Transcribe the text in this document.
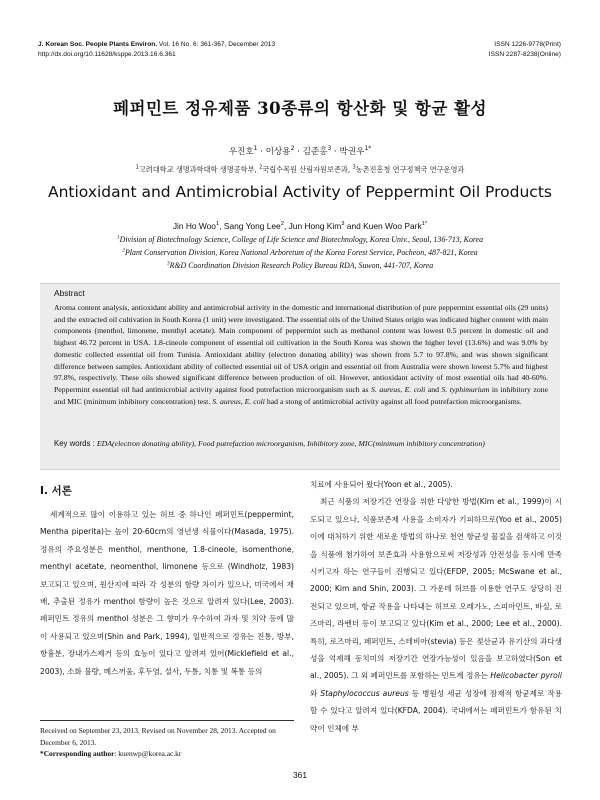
J. Korean Soc. People Plants Environ. Vol. 16 No. 6: 361-367, December 2013
http://dx.doi.org/10.11628/ksppe.2013.16.6.361
ISSN 1226-9778(Print)
ISSN 2287-8238(Online)
페퍼민트 정유제품 30종류의 항산화 및 항균 활성
우진호$^1$ · 이상용$^2$ · 김준홍$^3$ · 박권우$^{1*}$
$^1$고려대학교 생명과학대학 생명공학부, $^2$국립수목원 산림자원보존과, $^3$농촌진흥청 연구정책국 연구운영과
Antioxidant and Antimicrobial Activity of Peppermint Oil Products
Jin Ho Woo$^1$, Sang Yong Lee$^2$, Jun Hong Kim$^3$ and Kuen Woo Park$^{1*}$
$^1$Division of Biotechnology Science, College of Life Science and Biotechnology, Korea Univ., Seoul, 136-713, Korea
$^2$Plant Conservation Division, Korea National Arboretum of the Korea Forest Service, Pocheon, 487-821, Korea
$^3$R&D Coordination Division Research Policy Bureau RDA, Suwon, 441-707, Korea
Abstract
Aroma content analysis, antioxidant ability and antimicrobial activity in the domestic and international distribution of pure peppermint essential oils (29 units) and the extracted oil cultivation in South Korea (1 unit) were investigated. The essential oils of the United States origin was indicated higher content with main components (menthol, limonene, menthyl acetate). Main component of peppermint such as methanol content was lowest 0.5 percent in domestic oil and highest 46.72 percent in USA. 1.8-cineole component of essential oil cultivation in the South Korea was shown the higher level (13.6%) and was 9.0% by domestic collected essential oil from Tunisia. Antioxidant ability (electron donating ability) was shown from 5.7 to 97.8%, and was shown significant difference between samples. Antioxidant ability of collected essential oil of USA origin and essential oil from Australia were shown lowest 5.7% and highest 97.8%, respectively. These oils showed significant difference between production of oil. However, antioxidant activity of most essential oils had 40-60%. Peppermint essential oil had antimicrobial activity against food putrefaction microorganism such as S. aureus, E. coli and S. typhimurium in inhibitory zone and MIC (minimum inhibitory concentration) test. S. aureus, E. coli had a stong of antimicrobial activity against all food putrefaction microorganisms.
Key words : EDA(electron donating ability), Food putrefaction microorganism, Inhibitory zone, MIC(minimum inhibitory concentration)
Ⅰ. 서론

세계적으로 많이 이용하고 있는 허브 중 하나인 페퍼민트(peppermint, Mentha piperita)는 높이 20-60cm의 영년생 식물이다(Masada, 1975). 정유의 주요성분은 menthol, menthone, 1.8-cineole, isomenthone, menthyl acetate, neomenthol, limonene 등으로 (Windholz, 1983) 보고되고 있으며, 원산지에 따라 각 성분의 함량 차이가 있으나, 미국에서 재배, 추출된 정유가 menthol 함량이 높은 것으로 알려져 있다(Lee, 2003). 페퍼민트 정유의 menthol 성분은 그 향미가 우수하여 과자 및 치약 등에 많이 사용되고 있으며(Shin and Park, 1994), 일반적으로 정유는 진통, 방부, 항흉분, 장내가스제거 등의 효능이 있다고 알려져 있어(Micklefield et al., 2003), 소화 불량, 메스꺼움, 후두염, 설사, 두통, 치통 및 복통 등의

치료에 사용되어 왔다(Yoon et al., 2005).

최근 식품의 저장기간 연장을 위한 다양한 방법(Kim et al., 1999)이 시도되고 있으나, 식품보존제 사용을 소비자가 기피하므로(Yoo et al., 2005) 이에 대처하기 위한 새로운 방법의 하나로 천연 항균성 물질을 검색하고 이것을 식품에 첨가하여 보존효과 사용함으로써 저장성과 안전성을 동시에 만족시키고자 하는 연구들이 진행되고 있다(EFDP, 2005; McSwane et al., 2000; Kim and Shin, 2003). 그 가운데 허브를 이용한 연구도 상당히 진전되고 있으며, 항균 작용을 나타내는 허브로 오레가노, 스피아민트, 바실, 로즈마리, 라벤더 등이 보고되고 있다(Kim et al., 2000; Lee et al., 2000). 특히, 로즈마리, 페퍼민트, 스테비아(stevia) 등은 젖산균과 유기산의 과다생성을 억제해 동치미의 저장기간 연장가능성이 있음을 보고하였다(Son et al., 2005). 그 외 페퍼민트를 포함하는 민트계 정유는 Helicobacter pyroli와 Staphylococcus aureus 등 병원성 세균 성장에 잠재적 항균제로 작용할 수 있다고 알려져 있다(KFDA, 2004). 국내에서는 페퍼민트가 함유된 치약이 인체에 부

Received on September 23, 2013. Revised on November 28, 2013. Accepted on December 6, 2013.
*Corresponding author: kuenwp@korea.ac.kr
361
